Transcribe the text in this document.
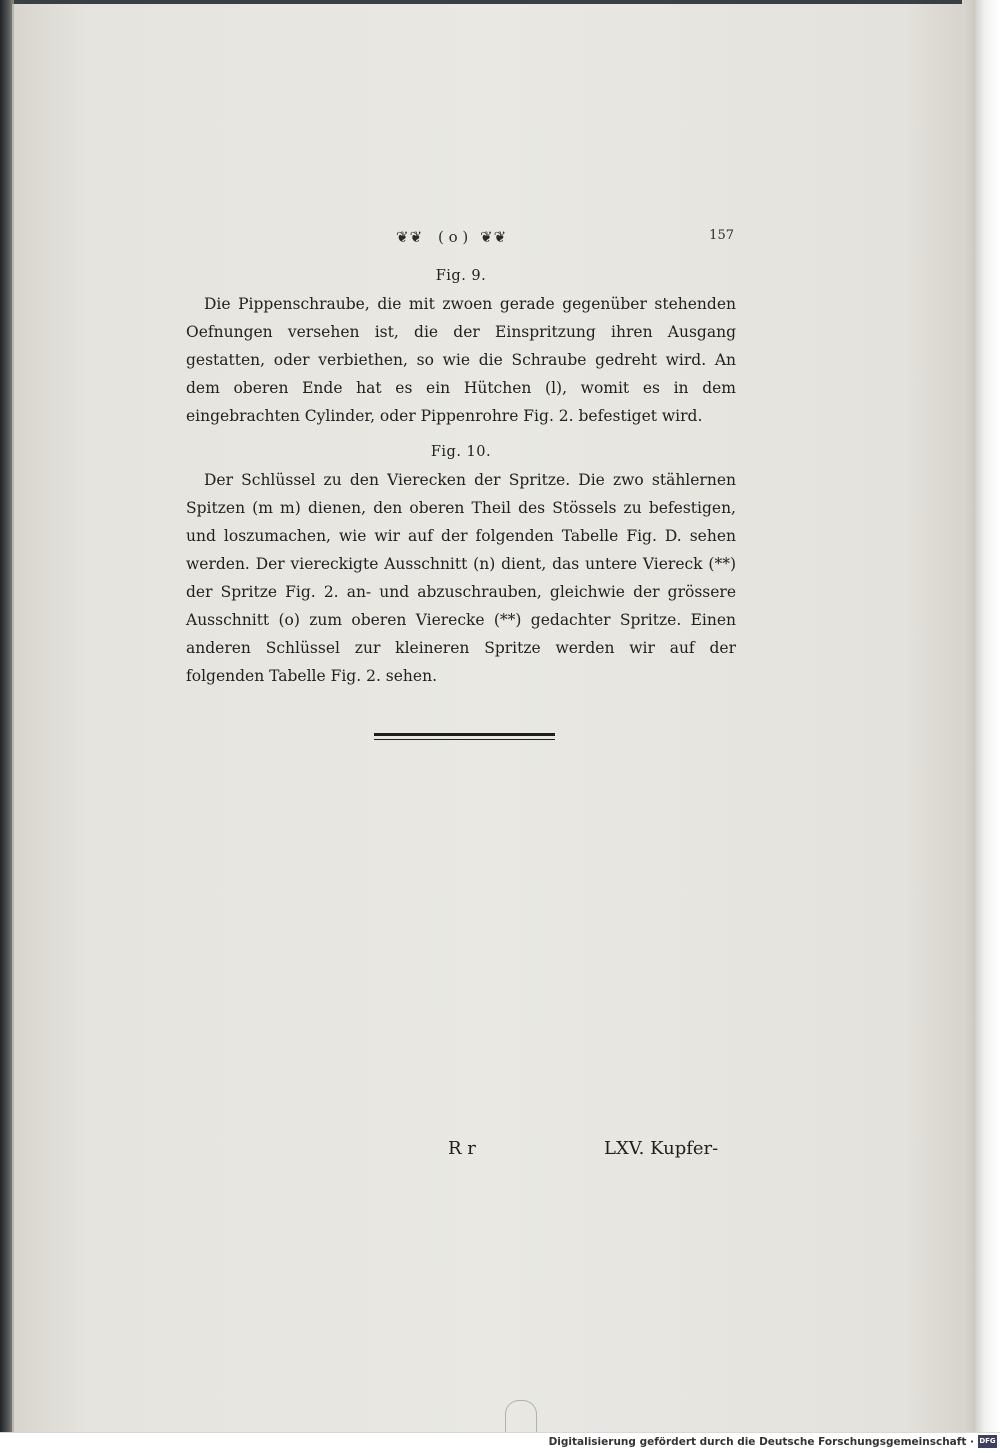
❦❦ ( o ) ❦❦	157

Fig. 9.

Die Pippenschraube, die mit zwoen gerade gegenüber stehenden Oefnungen versehen ist, die der Einspritzung ihren Ausgang gestatten, oder verbiethen, so wie die Schraube gedreht wird. An dem oberen Ende hat es ein Hütchen (l), womit es in dem eingebrachten Cylinder, oder Pippenrohre Fig. 2. befestiget wird.

Fig. 10.

Der Schlüssel zu den Vierecken der Spritze. Die zwo stählernen Spitzen (m m) dienen, den oberen Theil des Stössels zu befestigen, und loszumachen, wie wir auf der folgenden Tabelle Fig. D. sehen werden. Der viereckigte Ausschnitt (n) dient, das untere Viereck (**) der Spritze Fig. 2. an- und abzuschrauben, gleichwie der grössere Ausschnitt (o) zum oberen Vierecke (**) gedachter Spritze. Einen anderen Schlüssel zur kleineren Spritze werden wir auf der folgenden Tabelle Fig. 2. sehen.

R r	LXV. Kupfer-
Digitalisierung gefördert durch die Deutsche Forschungsgemeinschaft · DFG
